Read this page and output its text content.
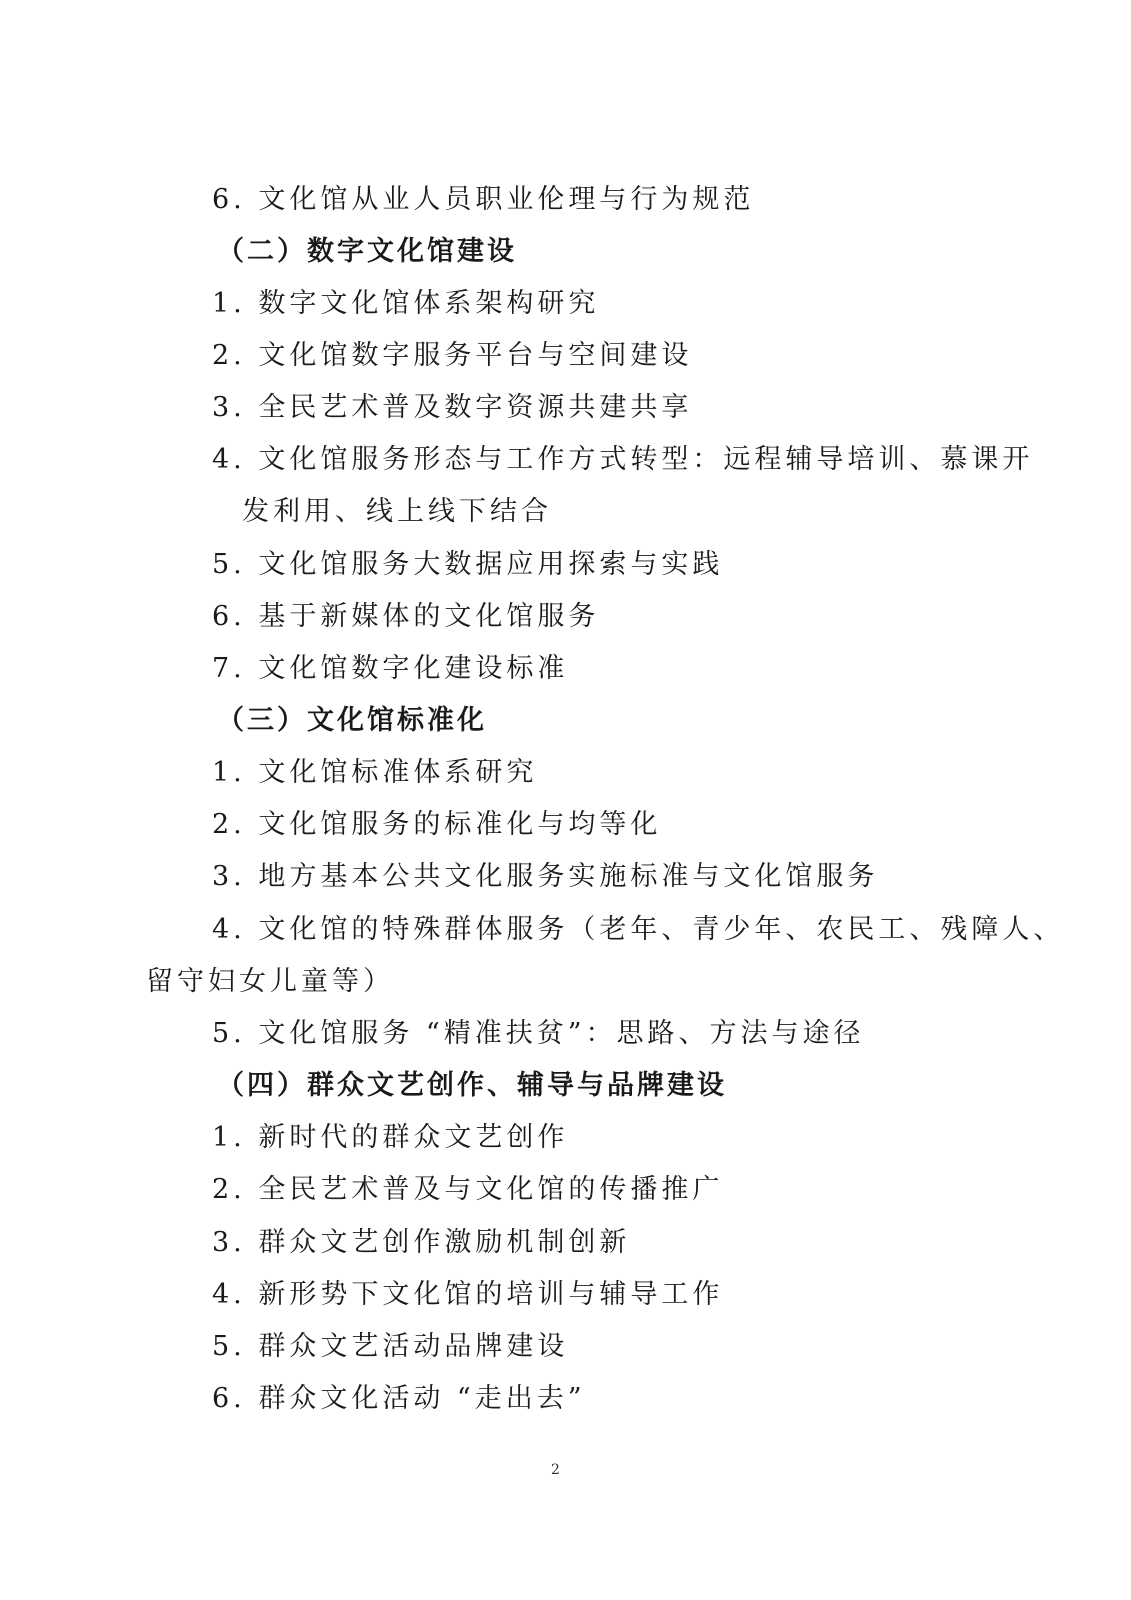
6. 文化馆从业人员职业伦理与行为规范
（二）数字文化馆建设
1. 数字文化馆体系架构研究
2. 文化馆数字服务平台与空间建设
3. 全民艺术普及数字资源共建共享
4. 文化馆服务形态与工作方式转型：远程辅导培训、慕课开
发利用、线上线下结合
5. 文化馆服务大数据应用探索与实践
6. 基于新媒体的文化馆服务
7. 文化馆数字化建设标准
（三）文化馆标准化
1. 文化馆标准体系研究
2. 文化馆服务的标准化与均等化
3. 地方基本公共文化服务实施标准与文化馆服务
4. 文化馆的特殊群体服务（老年、青少年、农民工、残障人、
留守妇女儿童等）
5. 文化馆服务 “精准扶贫”：思路、方法与途径
（四）群众文艺创作、辅导与品牌建设
1. 新时代的群众文艺创作
2. 全民艺术普及与文化馆的传播推广
3. 群众文艺创作激励机制创新
4. 新形势下文化馆的培训与辅导工作
5. 群众文艺活动品牌建设
6. 群众文化活动 “走出去”
2
